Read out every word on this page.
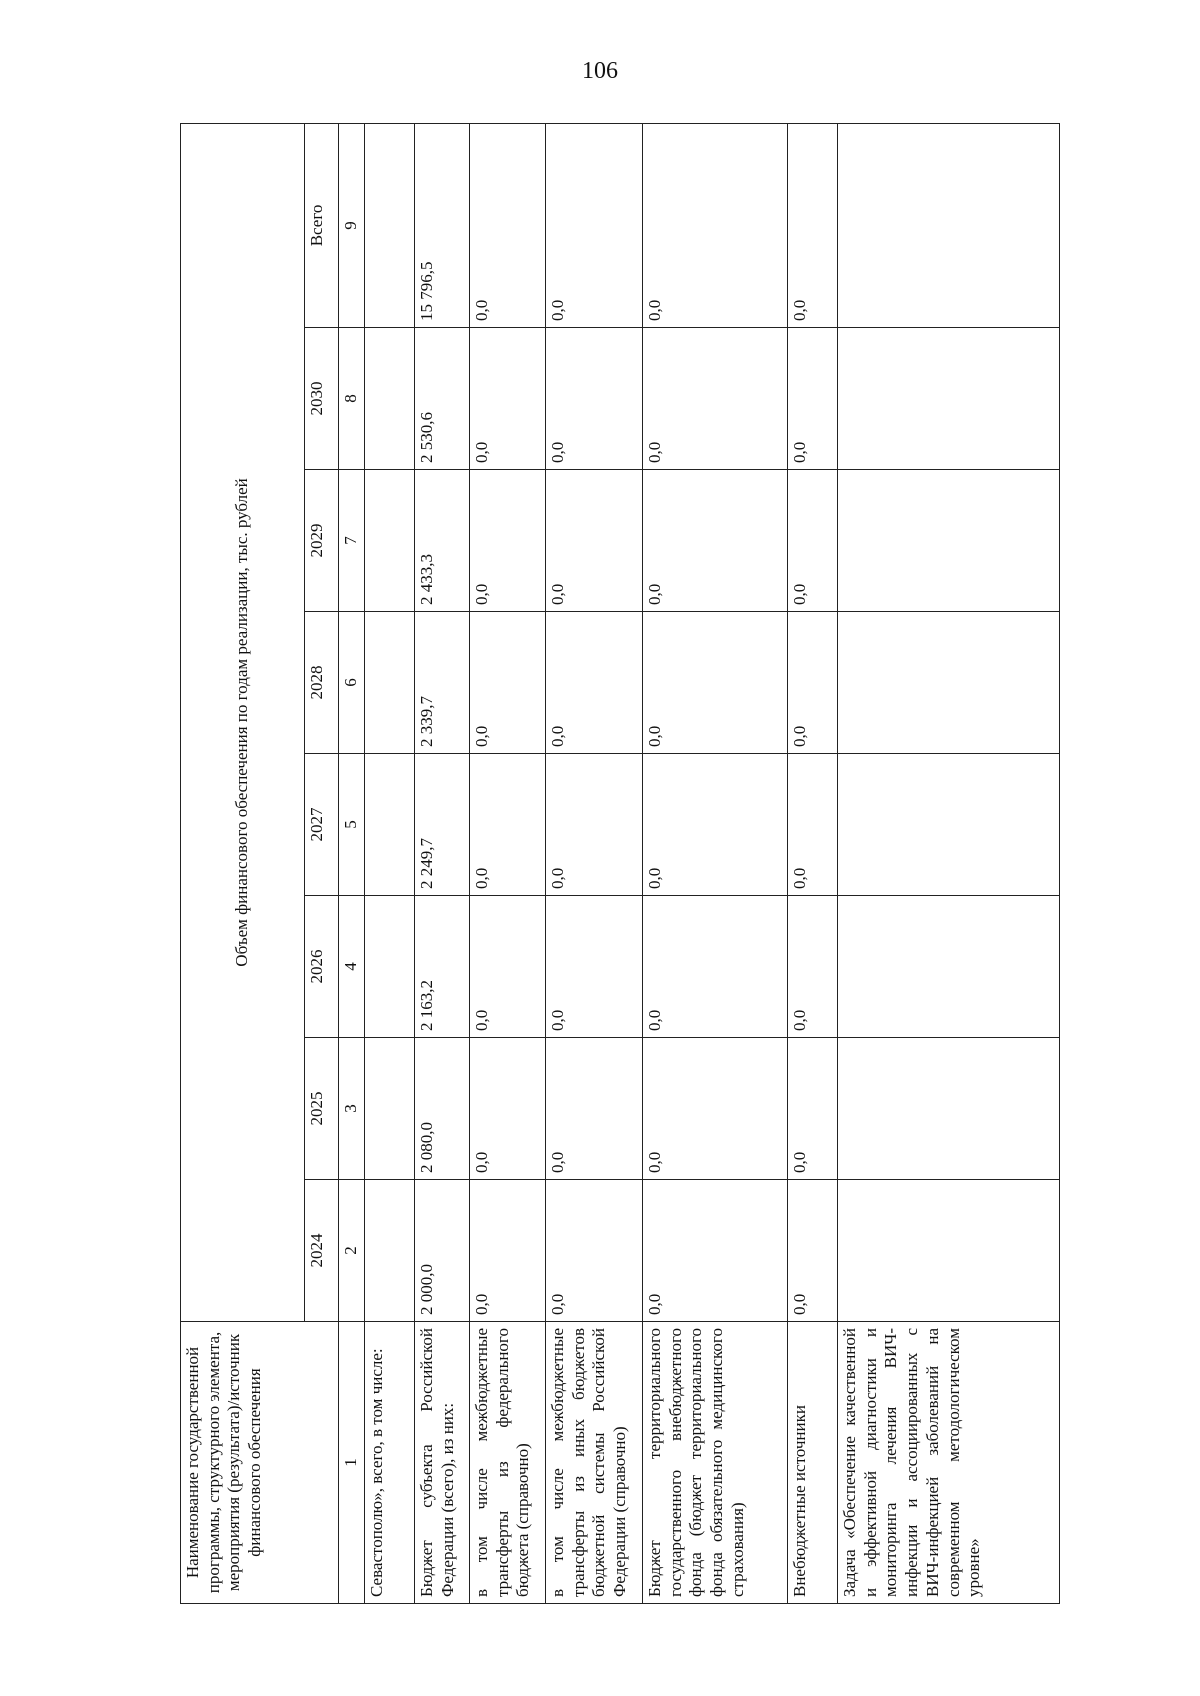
106
Наименование государственной программы, структурного элемента, мероприятия (результата)/источник финансового обеспечения	Объем финансового обеспечения по годам реализации, тыс. рублей							
	2024	2025	2026	2027	2028	2029	2030	Всего
1	2	3	4	5	6	7	8	9
Севастополю», всего, в том числе:								
Бюджет субъекта Российской Федерации (всего), из них:	2 000,0	2 080,0	2 163,2	2 249,7	2 339,7	2 433,3	2 530,6	15 796,5
в том числе межбюджетные трансферты из федерального бюджета (справочно)	0,0	0,0	0,0	0,0	0,0	0,0	0,0	0,0
в том числе межбюджетные трансферты из иных бюджетов бюджетной системы Российской Федерации (справочно)	0,0	0,0	0,0	0,0	0,0	0,0	0,0	0,0
Бюджет территориального государственного внебюджетного фонда (бюджет территориального фонда обязательного медицинского страхования)	0,0	0,0	0,0	0,0	0,0	0,0	0,0	0,0
Внебюджетные источники	0,0	0,0	0,0	0,0	0,0	0,0	0,0	0,0
Задача «Обеспечение качественной и эффективной диагностики и мониторинга лечения ВИЧ-инфекции и ассоциированных с ВИЧ-инфекцией заболеваний на современном методологическом уровне»								
